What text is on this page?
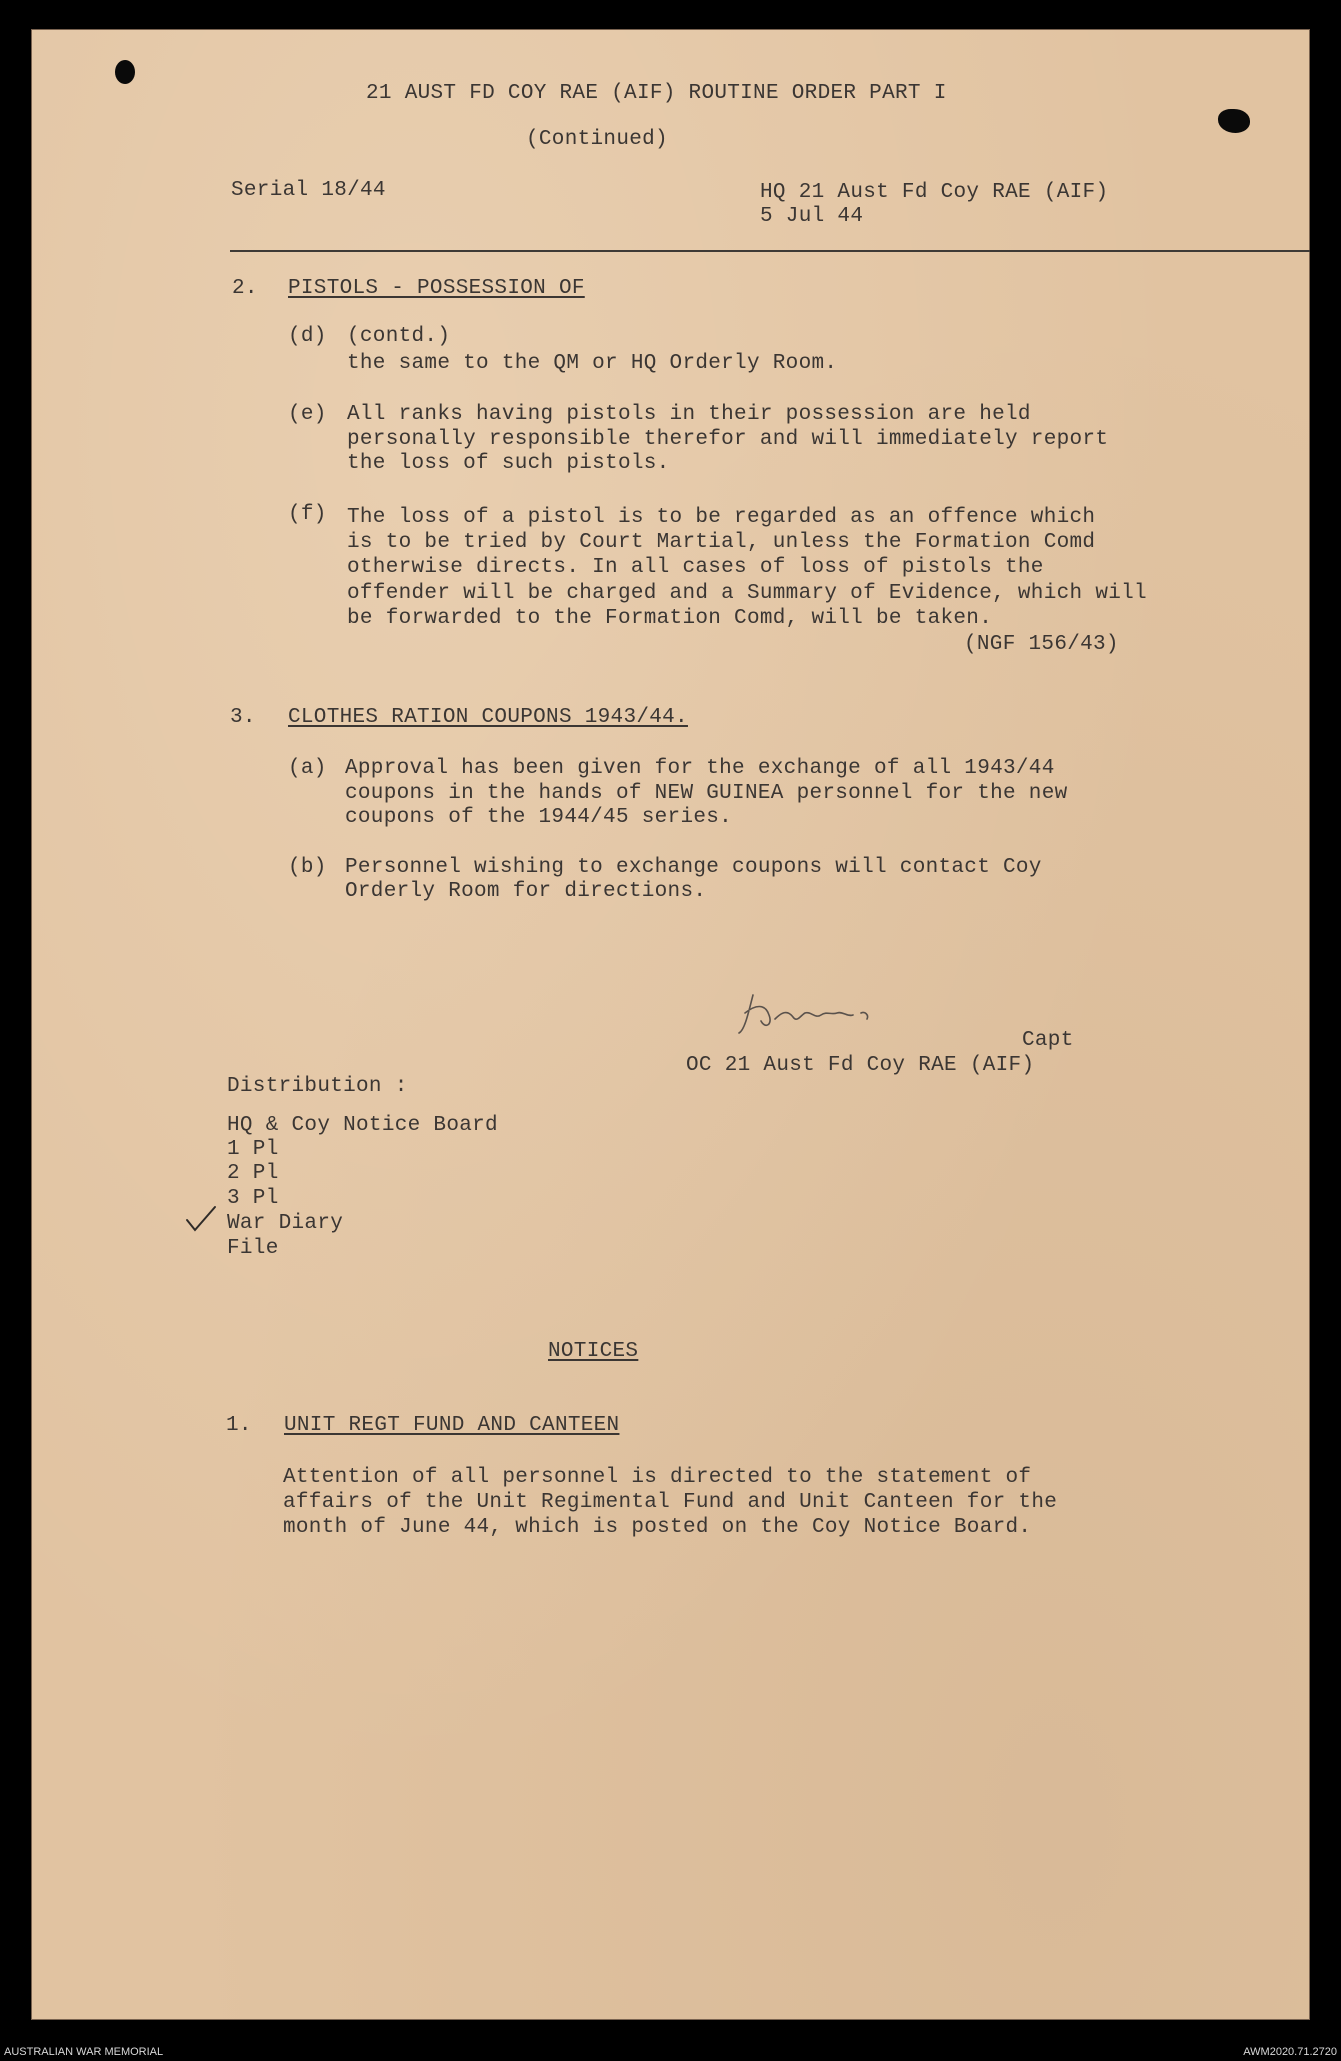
21 AUST FD COY RAE (AIF) ROUTINE ORDER PART I
(Continued)
Serial 18/44	HQ 21 Aust Fd Coy RAE (AIF)
5 Jul 44
2. PISTOLS - POSSESSION OF
(d) (contd.)
the same to the QM or HQ Orderly Room.
(e) All ranks having pistols in their possession are held
personally responsible therefor and will immediately report
the loss of such pistols.
(f) The loss of a pistol is to be regarded as an offence which
is to be tried by Court Martial, unless the Formation Comd
otherwise directs. In all cases of loss of pistols the
offender will be charged and a Summary of Evidence, which will
be forwarded to the Formation Comd, will be taken.
(NGF 156/43)
3. CLOTHES RATION COUPONS 1943/44.
(a) Approval has been given for the exchange of all 1943/44
coupons in the hands of NEW GUINEA personnel for the new
coupons of the 1944/45 series.
(b) Personnel wishing to exchange coupons will contact Coy
Orderly Room for directions.
Capt
OC 21 Aust Fd Coy RAE (AIF)
Distribution :
HQ & Coy Notice Board
1 Pl
2 Pl
3 Pl
War Diary
File
NOTICES
1. UNIT REGT FUND AND CANTEEN
Attention of all personnel is directed to the statement of
affairs of the Unit Regimental Fund and Unit Canteen for the
month of June 44, which is posted on the Coy Notice Board.
AUSTRALIAN WAR MEMORIAL	AWM2020.71.2720
